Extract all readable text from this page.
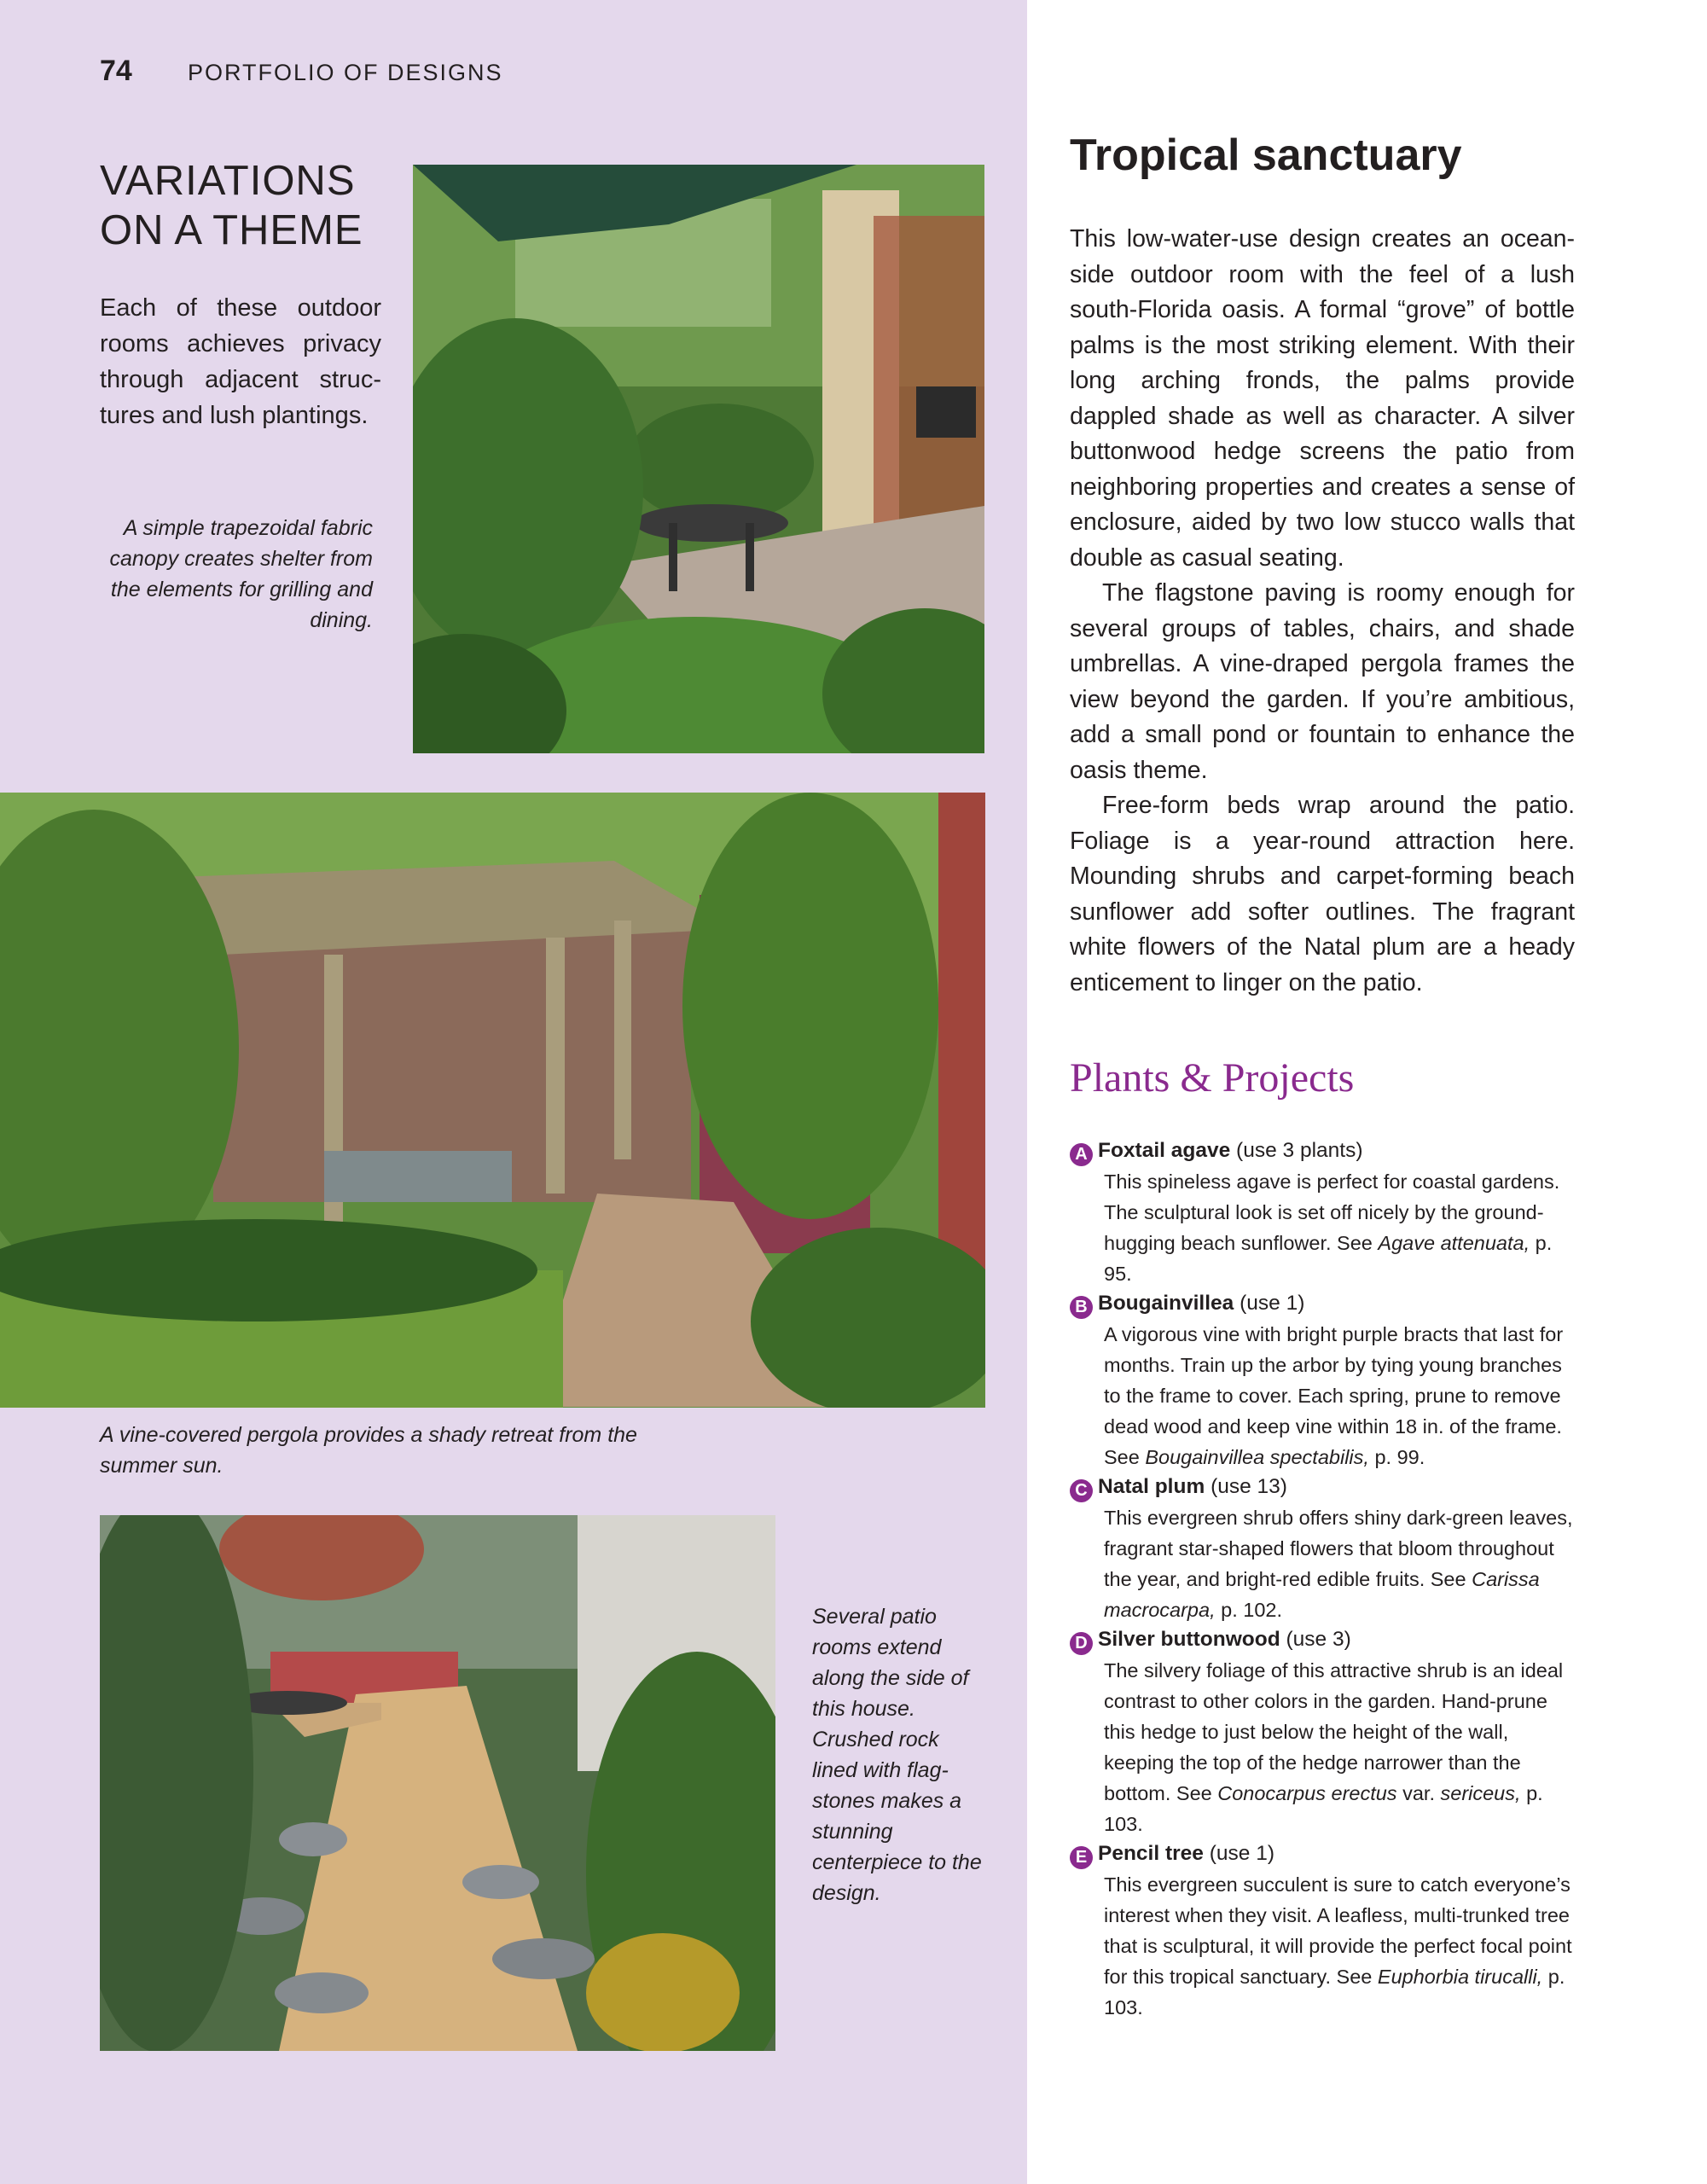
74 PORTFOLIO OF DESIGNS
VARIATIONS
ON A THEME
Each of these outdoor rooms achieves privacy through adjacent structures and lush plantings.
A simple trapezoidal fabric canopy creates shelter from the elements for grilling and dining.
A vine-covered pergola provides a shady retreat from the summer sun.
Several patio rooms extend along the side of this house. Crushed rock lined with flagstones makes a stunning centerpiece to the design.
Tropical sanctuary

This low-water-use design creates an oceanside outdoor room with the feel of a lush south-Florida oasis. A formal “grove” of bottle palms is the most striking element. With their long arching fronds, the palms provide dappled shade as well as character. A silver buttonwood hedge screens the patio from neighboring properties and creates a sense of enclosure, aided by two low stucco walls that double as casual seating.

The flagstone paving is roomy enough for several groups of tables, chairs, and shade umbrellas. A vine-draped pergola frames the view beyond the garden. If you’re ambitious, add a small pond or fountain to enhance the oasis theme.

Free-form beds wrap around the patio. Foliage is a year-round attraction here. Mounding shrubs and carpet-forming beach sunflower add softer outlines. The fragrant white flowers of the Natal plum are a heady enticement to linger on the patio.

Plants & Projects
A Foxtail agave (use 3 plants)
This spineless agave is perfect for coastal gardens. The sculptural look is set off nicely by the ground-hugging beach sunflower. See Agave attenuata, p. 95.
B Bougainvillea (use 1)
A vigorous vine with bright purple bracts that last for months. Train up the arbor by tying young branches to the frame to cover. Each spring, prune to remove dead wood and keep vine within 18 in. of the frame. See Bougainvillea spectabilis, p. 99.
C Natal plum (use 13)
This evergreen shrub offers shiny dark-green leaves, fragrant star-shaped flowers that bloom throughout the year, and bright-red edible fruits. See Carissa macrocarpa, p. 102.
D Silver buttonwood (use 3)
The silvery foliage of this attractive shrub is an ideal contrast to other colors in the garden. Hand-prune this hedge to just below the height of the wall, keeping the top of the hedge narrower than the bottom. See Conocarpus erectus var. sericeus, p. 103.
E Pencil tree (use 1)
This evergreen succulent is sure to catch everyone’s interest when they visit. A leafless, multi-trunked tree that is sculptural, it will provide the perfect focal point for this tropical sanctuary. See Euphorbia tirucalli, p. 103.
